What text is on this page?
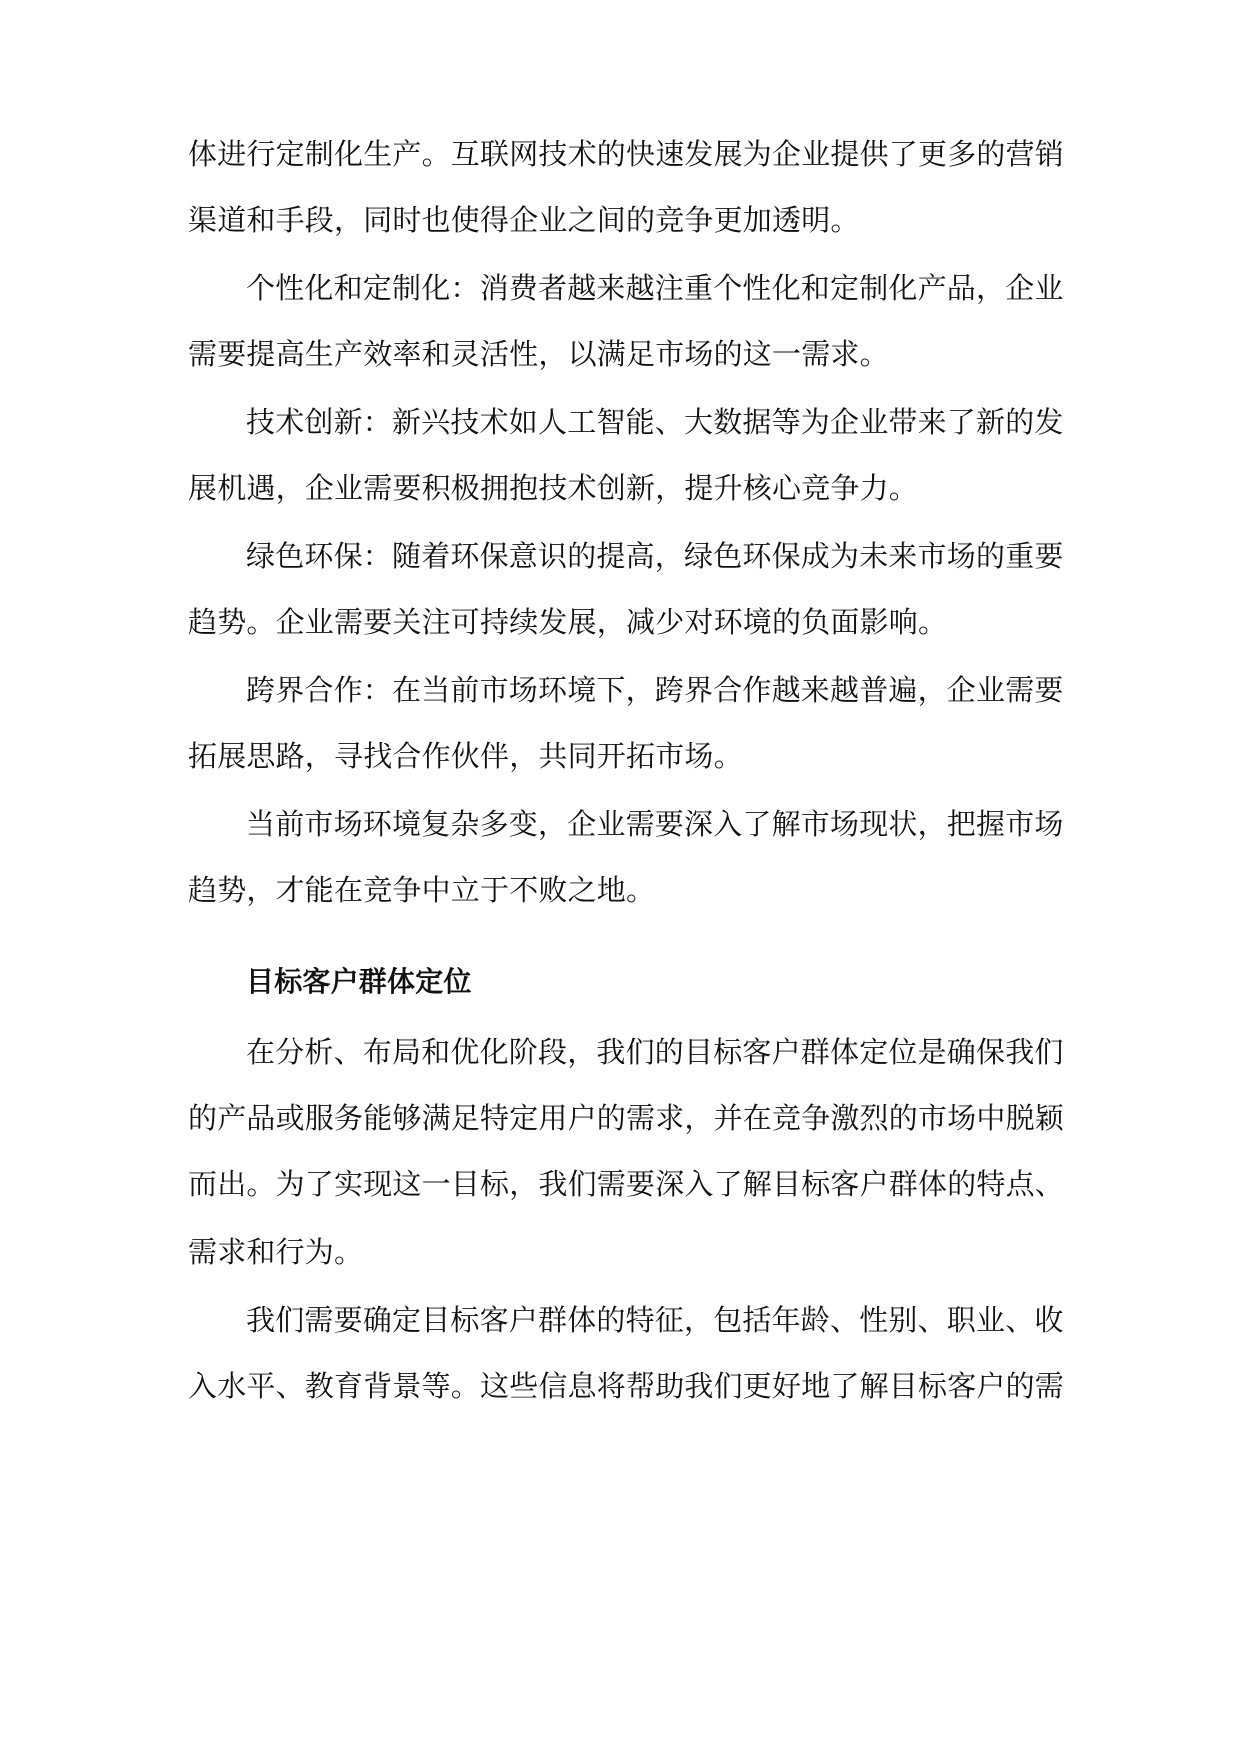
体进行定制化生产。互联网技术的快速发展为企业提供了更多的营销
渠道和手段，同时也使得企业之间的竞争更加透明。
个性化和定制化：消费者越来越注重个性化和定制化产品，企业
需要提高生产效率和灵活性，以满足市场的这一需求。
技术创新：新兴技术如人工智能、大数据等为企业带来了新的发
展机遇，企业需要积极拥抱技术创新，提升核心竞争力。
绿色环保：随着环保意识的提高，绿色环保成为未来市场的重要
趋势。企业需要关注可持续发展，减少对环境的负面影响。
跨界合作：在当前市场环境下，跨界合作越来越普遍，企业需要
拓展思路，寻找合作伙伴，共同开拓市场。
当前市场环境复杂多变，企业需要深入了解市场现状，把握市场
趋势，才能在竞争中立于不败之地。
目标客户群体定位
在分析、布局和优化阶段，我们的目标客户群体定位是确保我们
的产品或服务能够满足特定用户的需求，并在竞争激烈的市场中脱颖
而出。为了实现这一目标，我们需要深入了解目标客户群体的特点、
需求和行为。
我们需要确定目标客户群体的特征，包括年龄、性别、职业、收
入水平、教育背景等。这些信息将帮助我们更好地了解目标客户的需
